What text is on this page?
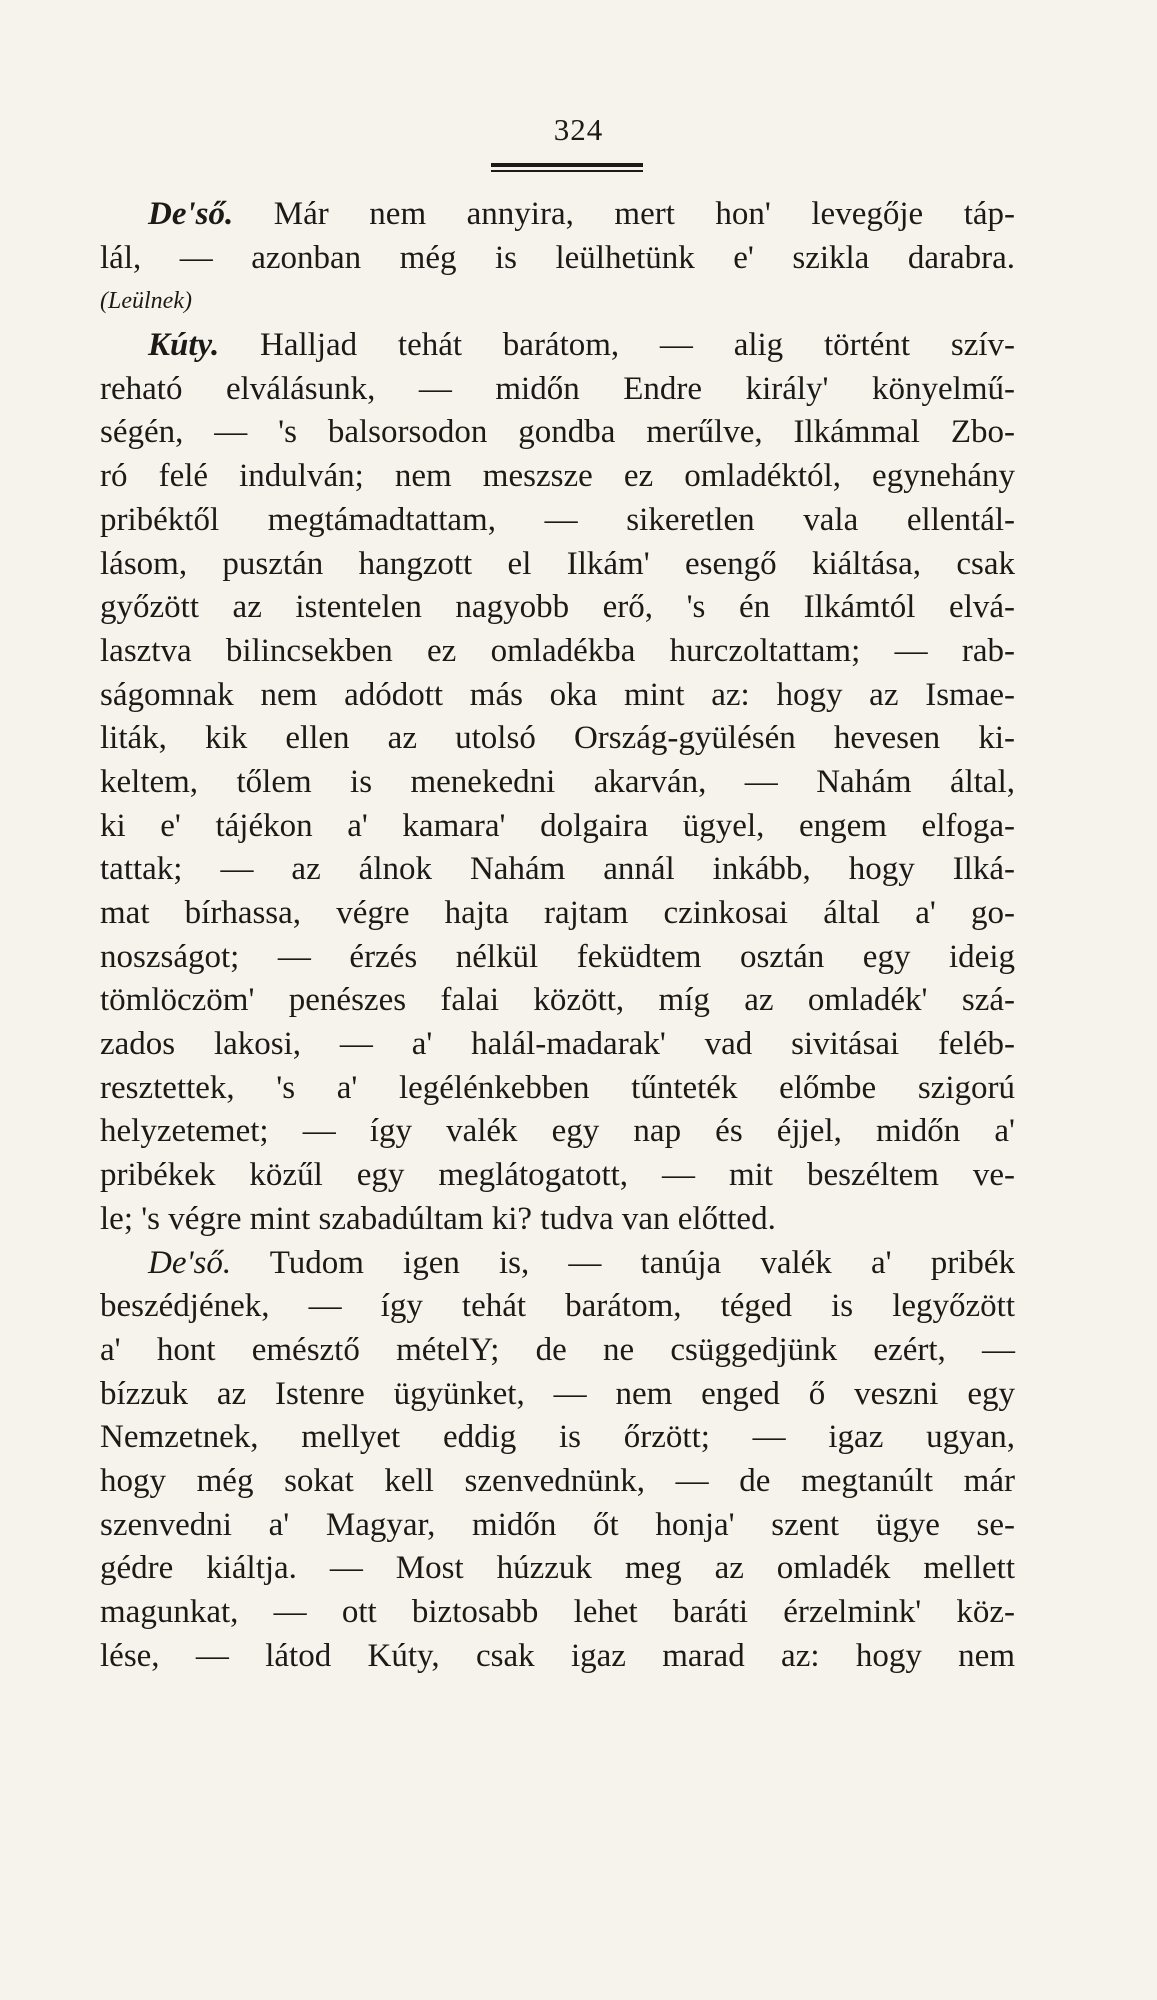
324
De'ső. Már nem annyira, mert hon' levegője táp-
lál, — azonban még is leülhetünk e' szikla darabra.
(Leülnek)
Kúty. Halljad tehát barátom, — alig történt szív-
reható elválásunk, — midőn Endre király' könyelmű-
ségén, — 's balsorsodon gondba merűlve, Ilkámmal Zbo-
ró felé indulván; nem meszsze ez omladéktól, egynehány
pribéktől megtámadtattam, — sikeretlen vala ellentál-
lásom, pusztán hangzott el Ilkám' esengő kiáltása, csak
győzött az istentelen nagyobb erő, 's én Ilkámtól elvá-
lasztva bilincsekben ez omladékba hurczoltattam; — rab-
ságomnak nem adódott más oka mint az: hogy az Ismae-
liták, kik ellen az utolsó Ország-gyülésén hevesen ki-
keltem, tőlem is menekedni akarván, — Nahám által,
ki e' tájékon a' kamara' dolgaira ügyel, engem elfoga-
tattak; — az álnok Nahám annál inkább, hogy Ilká-
mat bírhassa, végre hajta rajtam czinkosai által a' go-
noszságot; — érzés nélkül feküdtem osztán egy ideig
tömlöczöm' penészes falai között, míg az omladék' szá-
zados lakosi, — a' halál-madarak' vad sivitásai feléb-
resztettek, 's a' legélénkebben tűnteték előmbe szigorú
helyzetemet; — így valék egy nap és éjjel, midőn a'
pribékek közűl egy meglátogatott, — mit beszéltem ve-
le; 's végre mint szabadúltam ki? tudva van előtted.
De'ső. Tudom igen is, — tanúja valék a' pribék
beszédjének, — így tehát barátom, téged is legyőzött
a' hont emésztő mételY; de ne csüggedjünk ezért, —
bízzuk az Istenre ügyünket, — nem enged ő veszni egy
Nemzetnek, mellyet eddig is őrzött; — igaz ugyan,
hogy még sokat kell szenvednünk, — de megtanúlt már
szenvedni a' Magyar, midőn őt honja' szent ügye se-
gédre kiáltja. — Most húzzuk meg az omladék mellett
magunkat, — ott biztosabb lehet baráti érzelmink' köz-
lése, — látod Kúty, csak igaz marad az: hogy nem
